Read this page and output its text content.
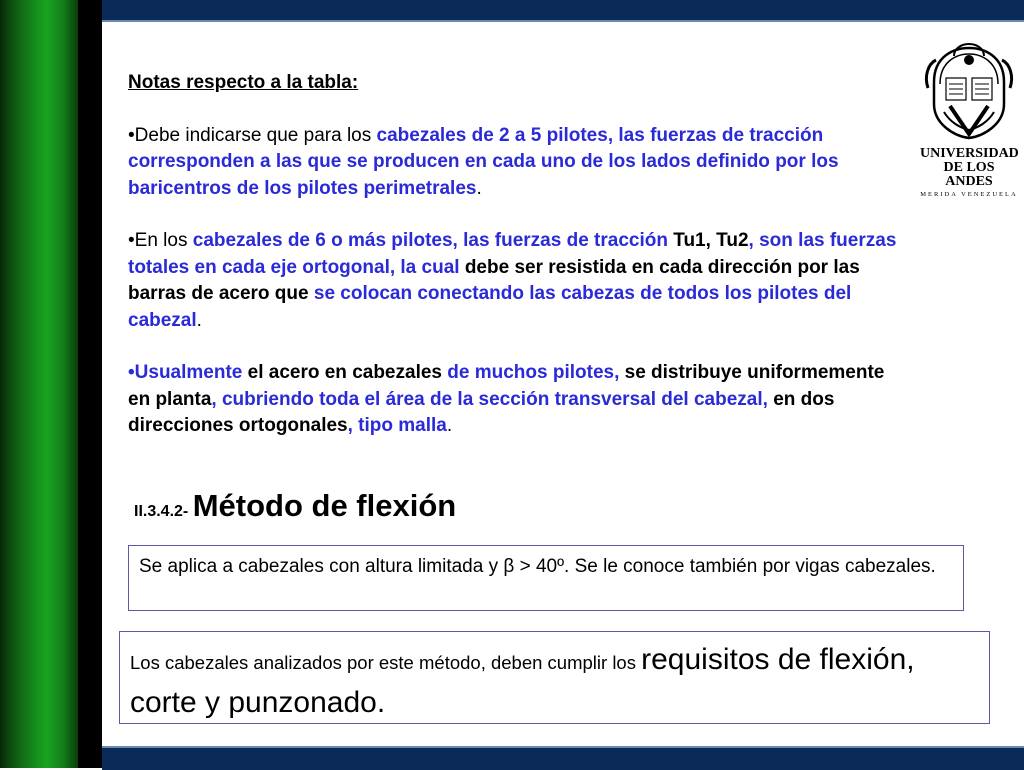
UNIVERSIDAD
DE LOS ANDES
MERIDA VENEZUELA
Notas respecto a la tabla:
•Debe indicarse que para los cabezales de 2 a 5 pilotes, las fuerzas de tracción corresponden a las que se producen en cada uno de los lados definido por los baricentros de los pilotes perimetrales.
•En los cabezales de 6 o más pilotes, las fuerzas de tracción Tu1, Tu2, son las fuerzas totales en cada eje ortogonal, la cual debe ser resistida en cada dirección por las barras de acero que se colocan conectando las cabezas de todos los pilotes del cabezal.
•Usualmente el acero en cabezales de muchos pilotes, se distribuye uniformemente en planta, cubriendo toda el área de la sección transversal del cabezal, en dos direcciones ortogonales, tipo malla.
II.3.4.2- Método de flexión
Se aplica a cabezales con altura limitada y β > 40º. Se le conoce también por vigas cabezales.
Los cabezales analizados por este método, deben cumplir los requisitos de flexión, corte y punzonado.
